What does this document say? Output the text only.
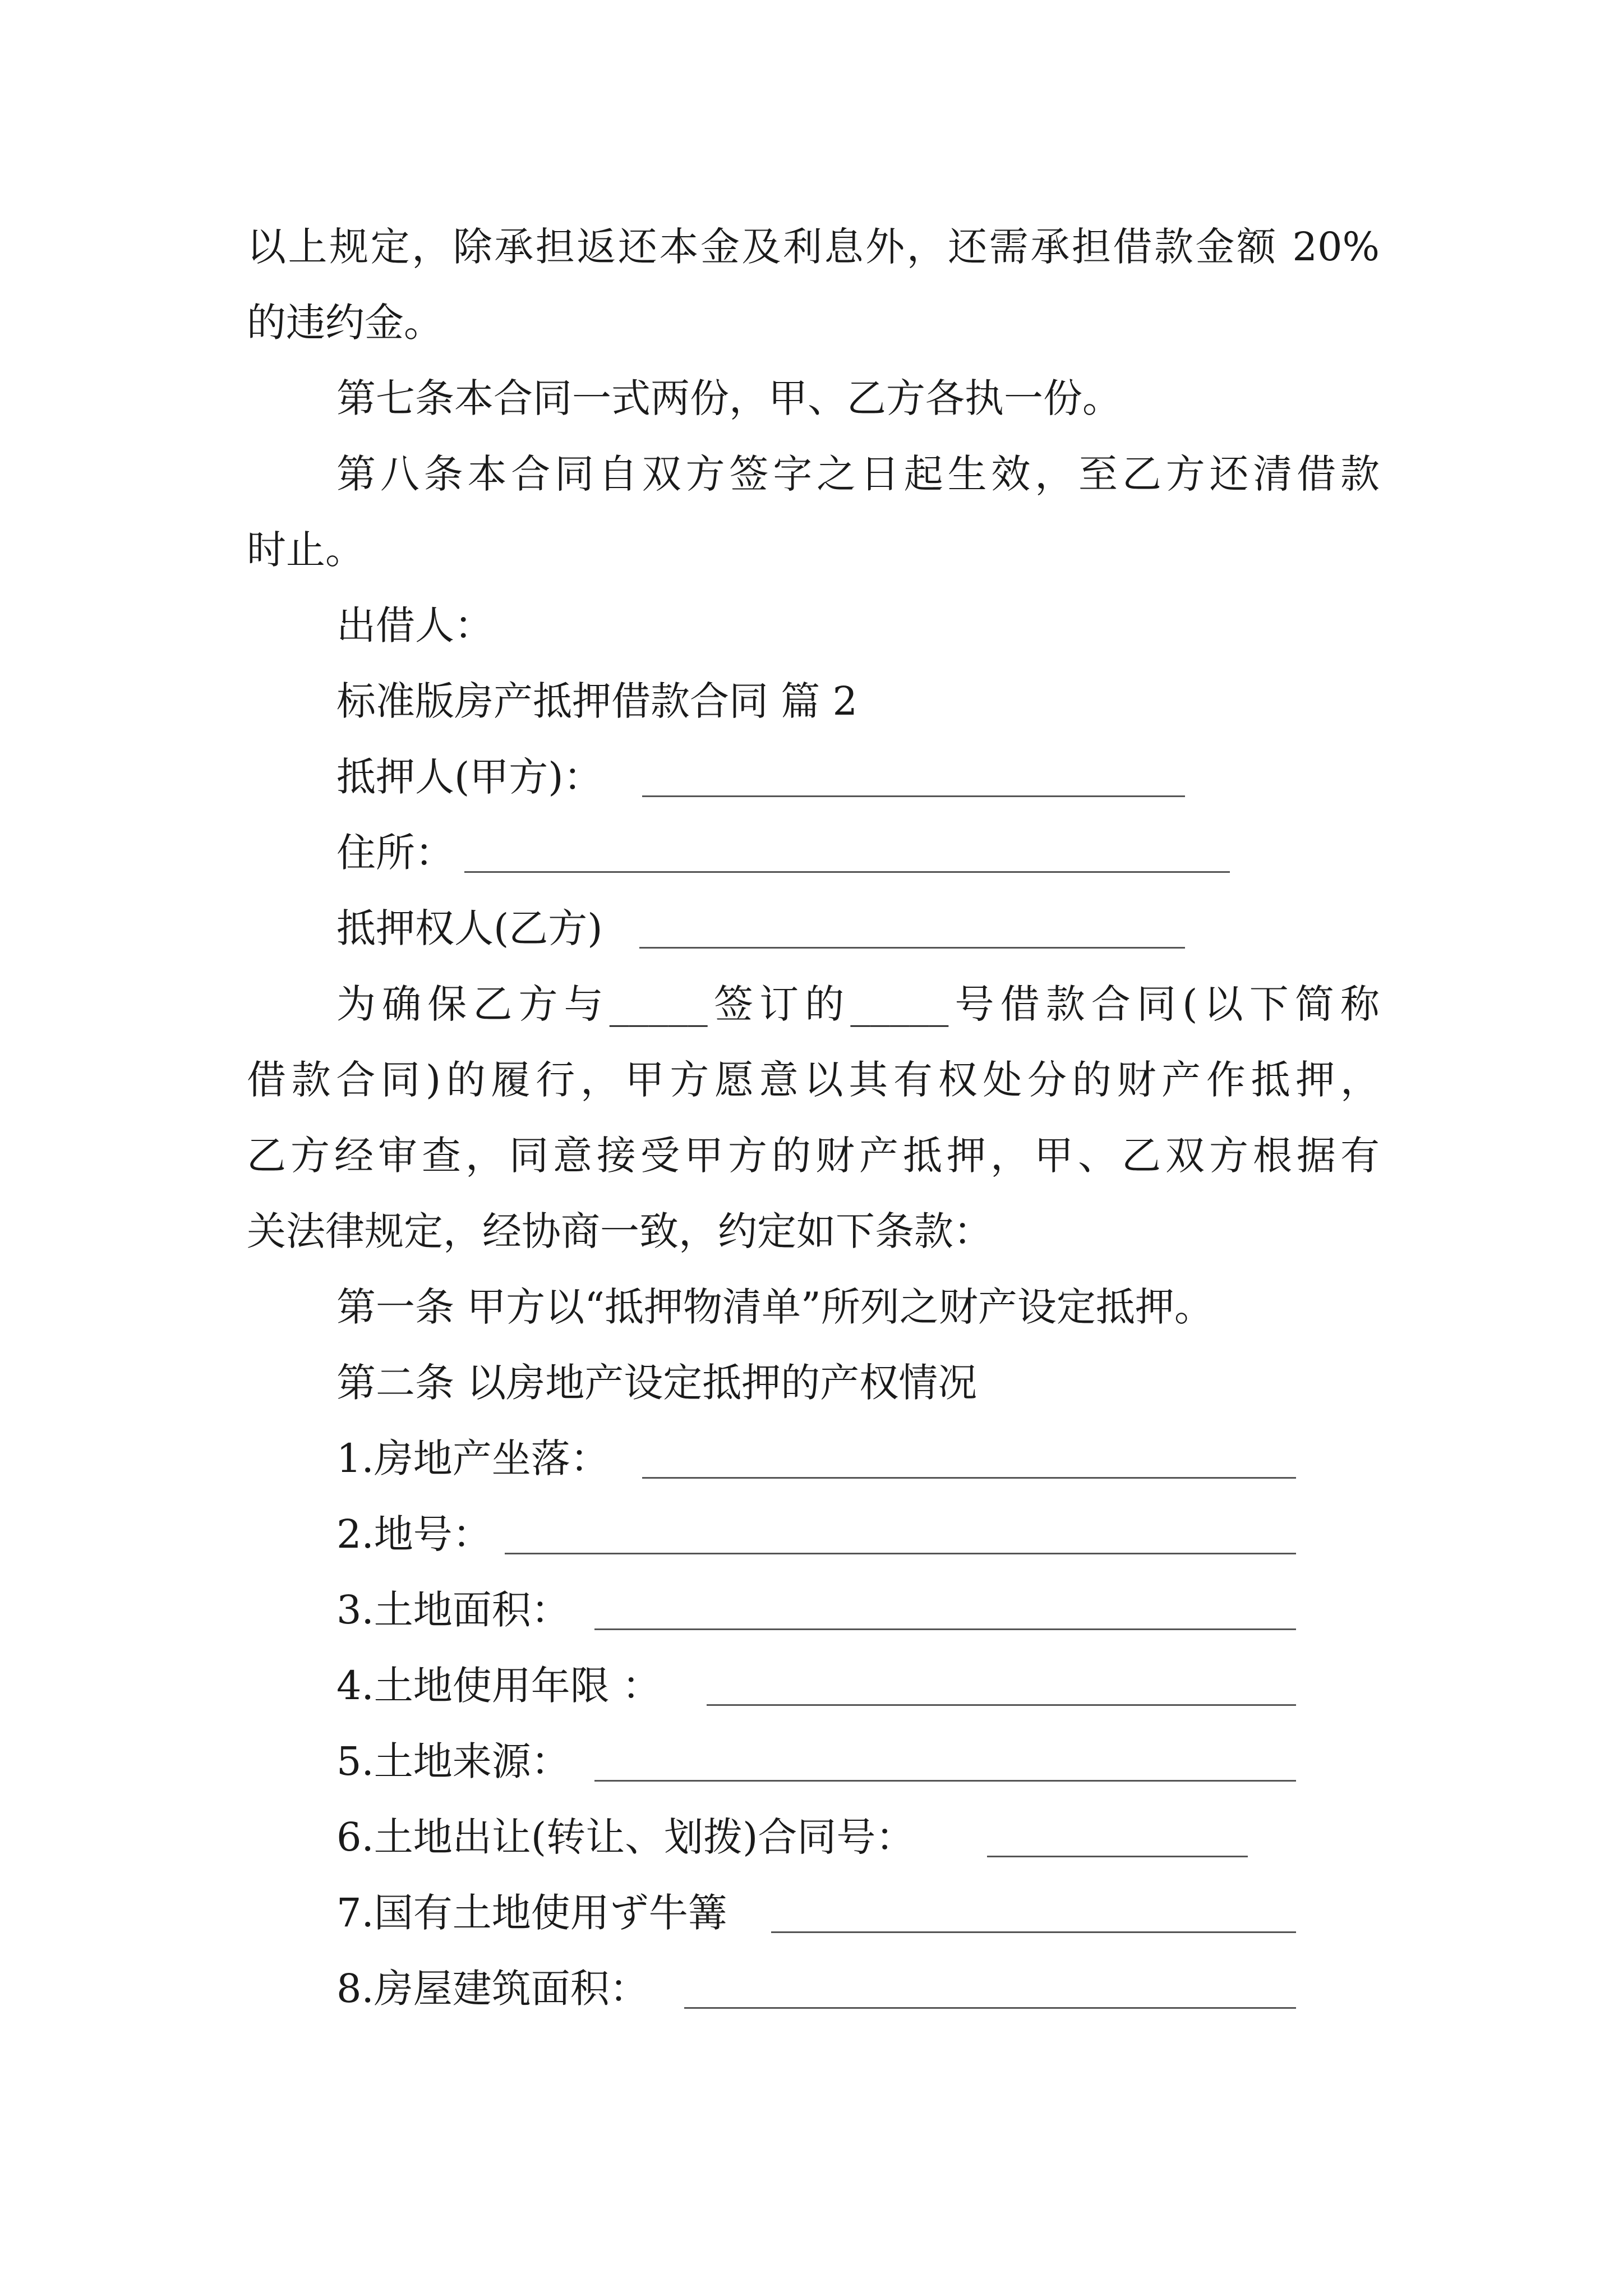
以上规定，除承担返还本金及利息外，还需承担借款金额 20%
的违约金。
第七条本合同一式两份，甲、乙方各执一份。
第八条本合同自双方签字之日起生效，至乙方还清借款
时止。
出借人：
标准版房产抵押借款合同 篇 2
抵押人(甲方)：
住所：
抵押权人(乙方)
为确保乙方与_____签订的_____号借款合同(以下简称
借款合同)的履行，甲方愿意以其有权处分的财产作抵押，
乙方经审查，同意接受甲方的财产抵押，甲、乙双方根据有
关法律规定，经协商一致，约定如下条款：
第一条 甲方以“抵押物清单”所列之财产设定抵押。
第二条 以房地产设定抵押的产权情况
1.房地产坐落：
2.地号：
3.土地面积：
4.土地使用年限 ：
5.土地来源：
6.土地出让(转让、划拨)合同号：
7.国有土地使用ず牛篝
8.房屋建筑面积：
